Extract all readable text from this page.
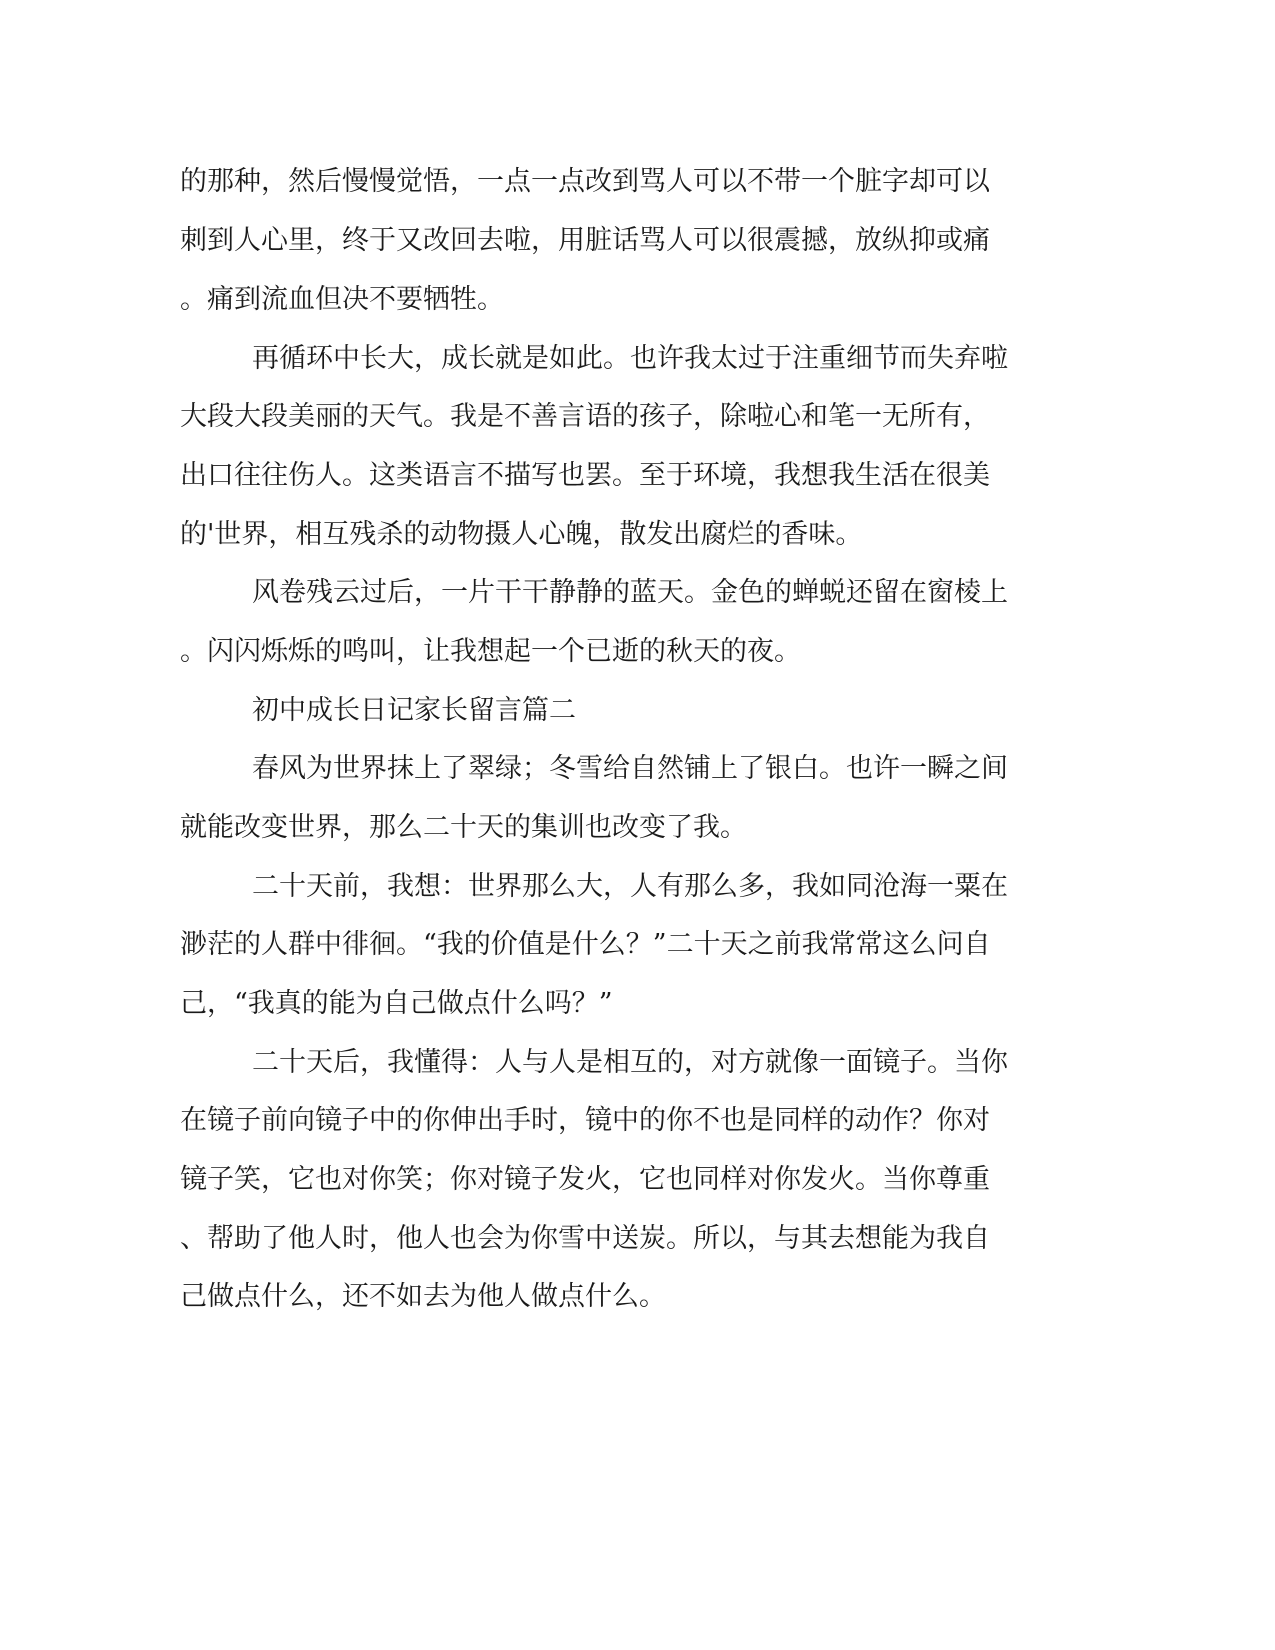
的那种，然后慢慢觉悟，一点一点改到骂人可以不带一个脏字却可以
刺到人心里，终于又改回去啦，用脏话骂人可以很震撼，放纵抑或痛
。痛到流血但决不要牺牲。
再循环中长大，成长就是如此。也许我太过于注重细节而失弃啦
大段大段美丽的天气。我是不善言语的孩子，除啦心和笔一无所有，
出口往往伤人。这类语言不描写也罢。至于环境，我想我生活在很美
的'世界，相互残杀的动物摄人心魄，散发出腐烂的香味。
风卷残云过后，一片干干静静的蓝天。金色的蝉蜕还留在窗棱上
。闪闪烁烁的鸣叫，让我想起一个已逝的秋天的夜。
初中成长日记家长留言篇二
春风为世界抹上了翠绿；冬雪给自然铺上了银白。也许一瞬之间
就能改变世界，那么二十天的集训也改变了我。
二十天前，我想：世界那么大，人有那么多，我如同沧海一粟在
渺茫的人群中徘徊。“我的价值是什么？”二十天之前我常常这么问自
己，“我真的能为自己做点什么吗？”
二十天后，我懂得：人与人是相互的，对方就像一面镜子。当你
在镜子前向镜子中的你伸出手时，镜中的你不也是同样的动作？你对
镜子笑，它也对你笑；你对镜子发火，它也同样对你发火。当你尊重
、帮助了他人时，他人也会为你雪中送炭。所以，与其去想能为我自
己做点什么，还不如去为他人做点什么。
